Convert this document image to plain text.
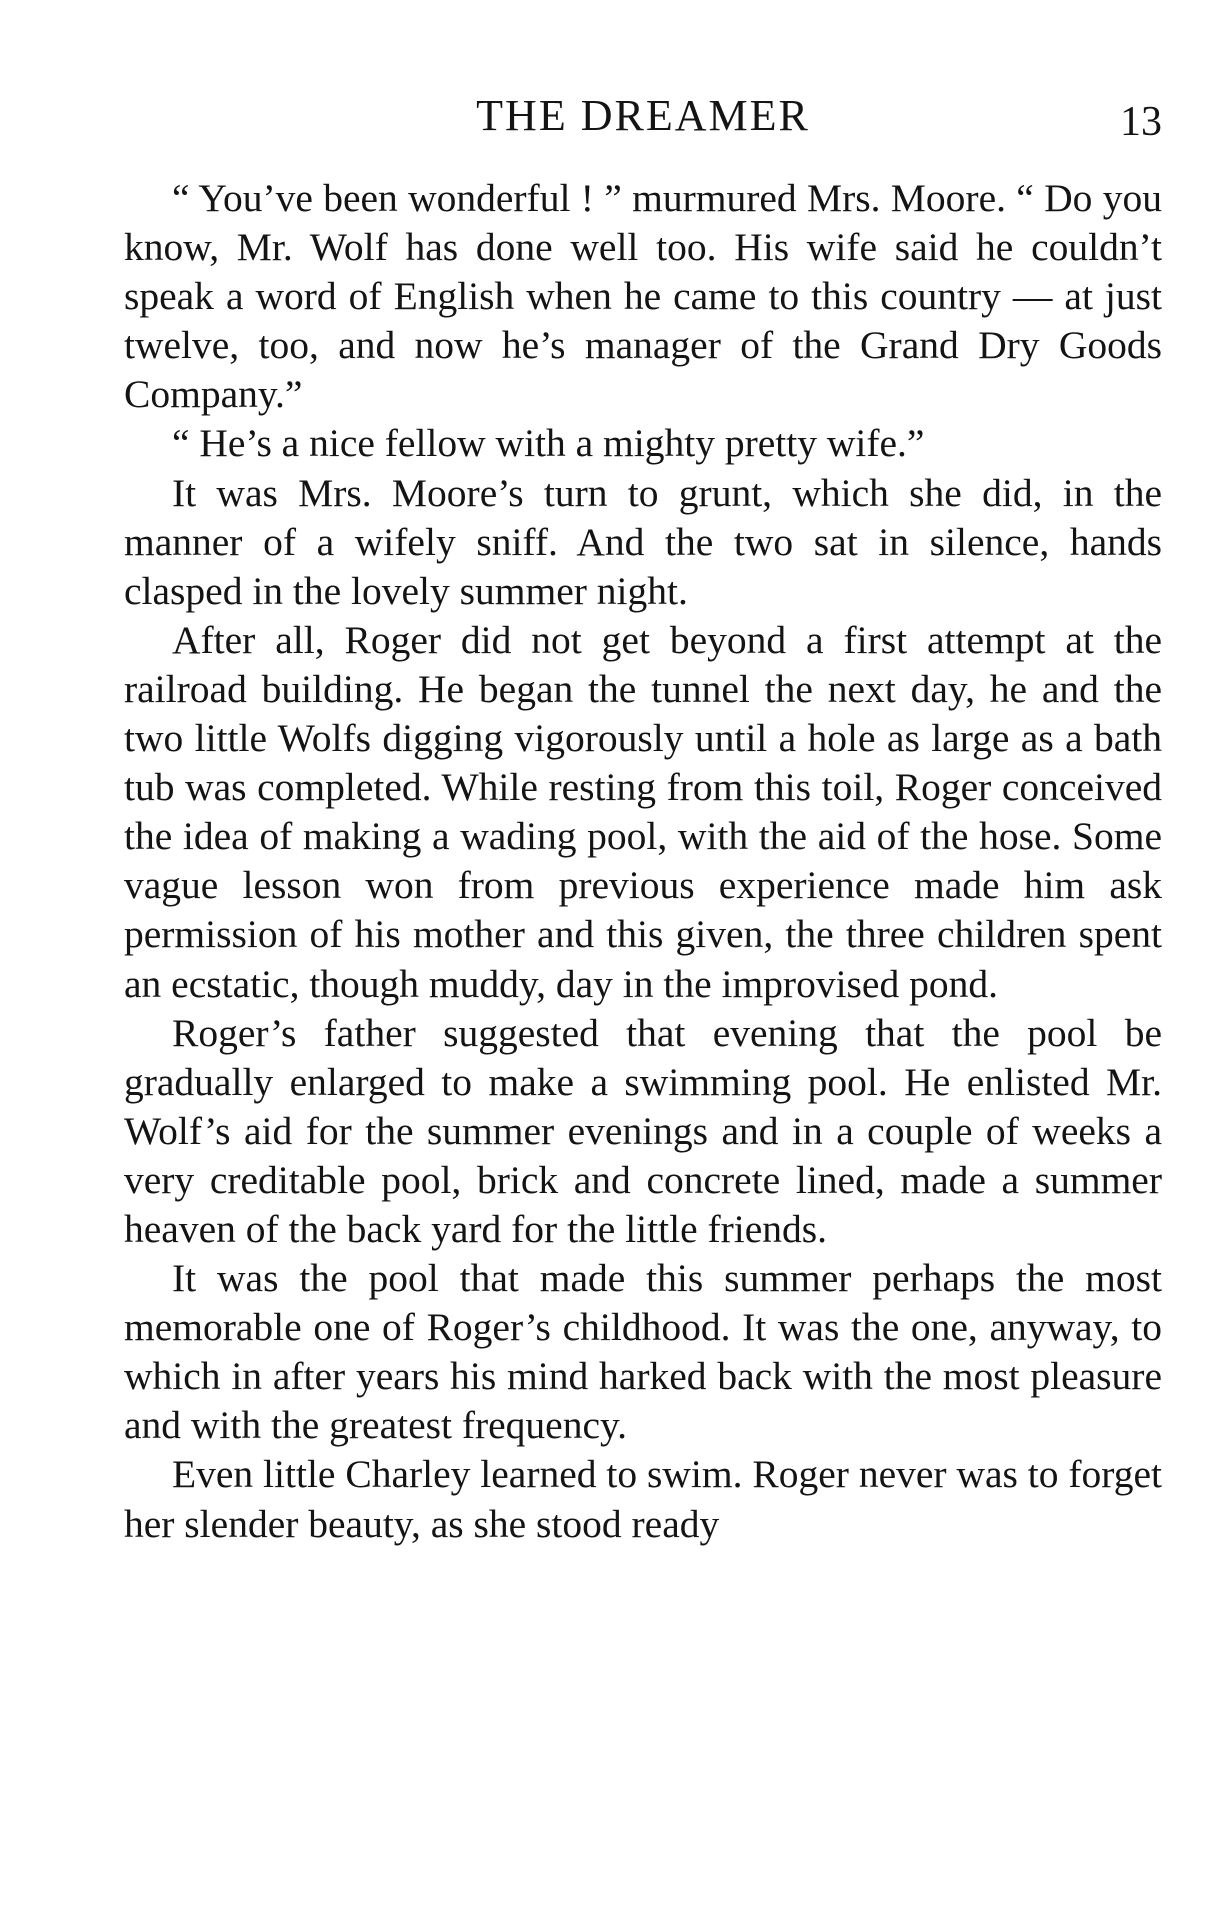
THE DREAMER	13

“ You’ve been wonderful ! ” murmured Mrs. Moore. “ Do you know, Mr. Wolf has done well too. His wife said he couldn’t speak a word of English when he came to this country — at just twelve, too, and now he’s manager of the Grand Dry Goods Company.”

“ He’s a nice fellow with a mighty pretty wife.”

It was Mrs. Moore’s turn to grunt, which she did, in the manner of a wifely sniff. And the two sat in silence, hands clasped in the lovely summer night.

After all, Roger did not get beyond a first attempt at the railroad building. He began the tunnel the next day, he and the two little Wolfs digging vigorously until a hole as large as a bath tub was completed. While resting from this toil, Roger conceived the idea of making a wading pool, with the aid of the hose. Some vague lesson won from previous experience made him ask permission of his mother and this given, the three children spent an ecstatic, though muddy, day in the improvised pond.

Roger’s father suggested that evening that the pool be gradually enlarged to make a swimming pool. He enlisted Mr. Wolf’s aid for the summer evenings and in a couple of weeks a very creditable pool, brick and concrete lined, made a summer heaven of the back yard for the little friends.

It was the pool that made this summer perhaps the most memorable one of Roger’s childhood. It was the one, anyway, to which in after years his mind harked back with the most pleasure and with the greatest frequency.

Even little Charley learned to swim. Roger never was to forget her slender beauty, as she stood ready
